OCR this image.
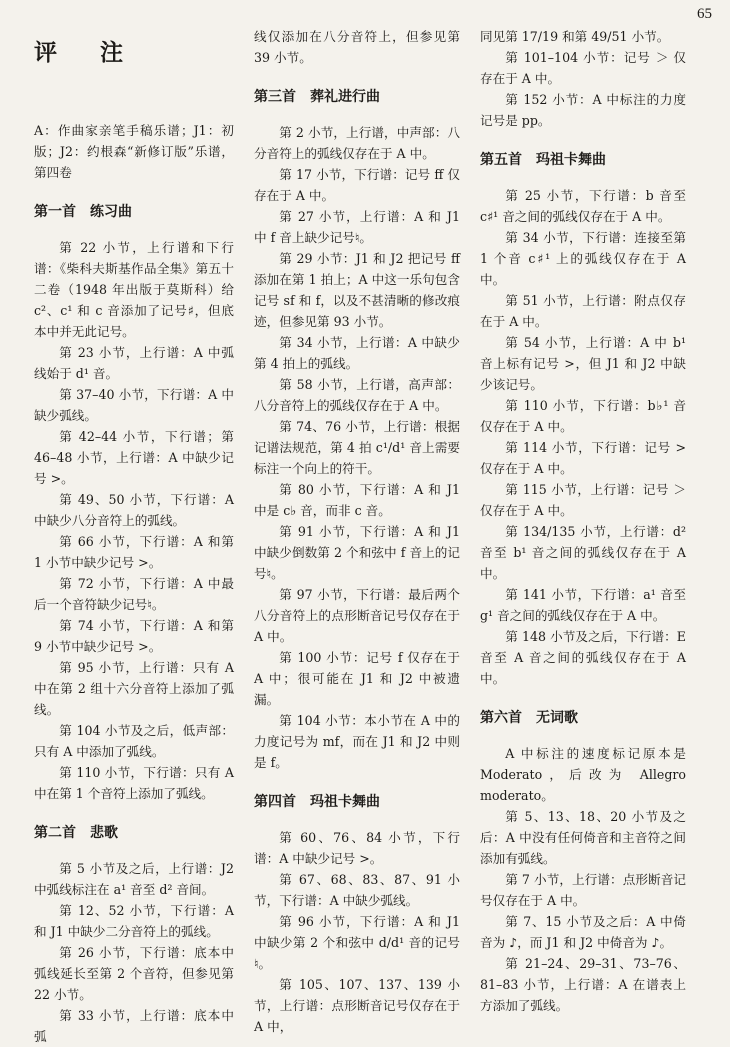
65
评　注

A：作曲家亲笔手稿乐谱；J1：初版；J2：约根森“新修订版”乐谱，第四卷

第一首　练习曲

第 22 小节，上行谱和下行谱：《柴科夫斯基作品全集》第五十二卷（1948 年出版于莫斯科）给 c²、c¹ 和 c 音添加了记号♯，但底本中并无此记号。

第 23 小节，上行谱：A 中弧线始于 d¹ 音。

第 37–40 小节，下行谱：A 中缺少弧线。

第 42–44 小节，下行谱；第 46–48 小节，上行谱：A 中缺少记号 >。

第 49、50 小节，下行谱：A 中缺少八分音符上的弧线。

第 66 小节，下行谱：A 和第 1 小节中缺少记号 >。

第 72 小节，下行谱：A 中最后一个音符缺少记号♮。

第 74 小节，下行谱：A 和第 9 小节中缺少记号 >。

第 95 小节，上行谱：只有 A 中在第 2 组十六分音符上添加了弧线。

第 104 小节及之后，低声部：只有 A 中添加了弧线。

第 110 小节，下行谱：只有 A 中在第 1 个音符上添加了弧线。

第二首　悲歌

第 5 小节及之后，上行谱：J2 中弧线标注在 a¹ 音至 d² 音间。

第 12、52 小节，下行谱：A 和 J1 中缺少二分音符上的弧线。

第 26 小节，下行谱：底本中弧线延长至第 2 个音符，但参见第 22 小节。

第 33 小节，上行谱：底本中弧

线仅添加在八分音符上，但参见第 39 小节。

第三首　葬礼进行曲

第 2 小节，上行谱，中声部：八分音符上的弧线仅存在于 A 中。

第 17 小节，下行谱：记号 ff 仅存在于 A 中。

第 27 小节，上行谱：A 和 J1 中 f 音上缺少记号♮。

第 29 小节：J1 和 J2 把记号 ff 添加在第 1 拍上；A 中这一乐句包含记号 sf 和 f，以及不甚清晰的修改痕迹，但参见第 93 小节。

第 34 小节，上行谱：A 中缺少第 4 拍上的弧线。

第 58 小节，上行谱，高声部：八分音符上的弧线仅存在于 A 中。

第 74、76 小节，上行谱：根据记谱法规范，第 4 拍 c¹/d¹ 音上需要标注一个向上的符干。

第 80 小节，下行谱：A 和 J1 中是 c♭ 音，而非 c 音。

第 91 小节，下行谱：A 和 J1 中缺少倒数第 2 个和弦中 f 音上的记号♮。

第 97 小节，下行谱：最后两个八分音符上的点形断音记号仅存在于 A 中。

第 100 小节：记号 f 仅存在于 A 中；很可能在 J1 和 J2 中被遗漏。

第 104 小节：本小节在 A 中的力度记号为 mf，而在 J1 和 J2 中则是 f。

第四首　玛祖卡舞曲

第 60、76、84 小节，下行谱：A 中缺少记号 >。

第 67、68、83、87、91 小节，下行谱：A 中缺少弧线。

第 96 小节，下行谱：A 和 J1 中缺少第 2 个和弦中 d/d¹ 音的记号♮。

第 105、107、137、139 小节，上行谱：点形断音记号仅存在于 A 中，

同见第 17/19 和第 49/51 小节。

第 101–104 小节：记号 ＞ 仅存在于 A 中。

第 152 小节：A 中标注的力度记号是 pp。

第五首　玛祖卡舞曲

第 25 小节，下行谱：b 音至 c♯¹ 音之间的弧线仅存在于 A 中。

第 34 小节，下行谱：连接至第 1 个音 c♯¹ 上的弧线仅存在于 A 中。

第 51 小节，上行谱：附点仅存在于 A 中。

第 54 小节，上行谱：A 中 b¹ 音上标有记号 >，但 J1 和 J2 中缺少该记号。

第 110 小节，下行谱：b♭¹ 音仅存在于 A 中。

第 114 小节，下行谱：记号 > 仅存在于 A 中。

第 115 小节，上行谱：记号 ＞ 仅存在于 A 中。

第 134/135 小节，上行谱：d² 音至 b¹ 音之间的弧线仅存在于 A 中。

第 141 小节，下行谱：a¹ 音至 g¹ 音之间的弧线仅存在于 A 中。

第 148 小节及之后，下行谱：E 音至 A 音之间的弧线仅存在于 A 中。

第六首　无词歌

A 中标注的速度标记原本是 Moderato，后改为 Allegro moderato。

第 5、13、18、20 小节及之后：A 中没有任何倚音和主音符之间添加有弧线。

第 7 小节，上行谱：点形断音记号仅存在于 A 中。

第 7、15 小节及之后：A 中倚音为 ♪，而 J1 和 J2 中倚音为 ♪。

第 21–24、29–31、73–76、81–83 小节，上行谱：A 在谱表上方添加了弧线。
